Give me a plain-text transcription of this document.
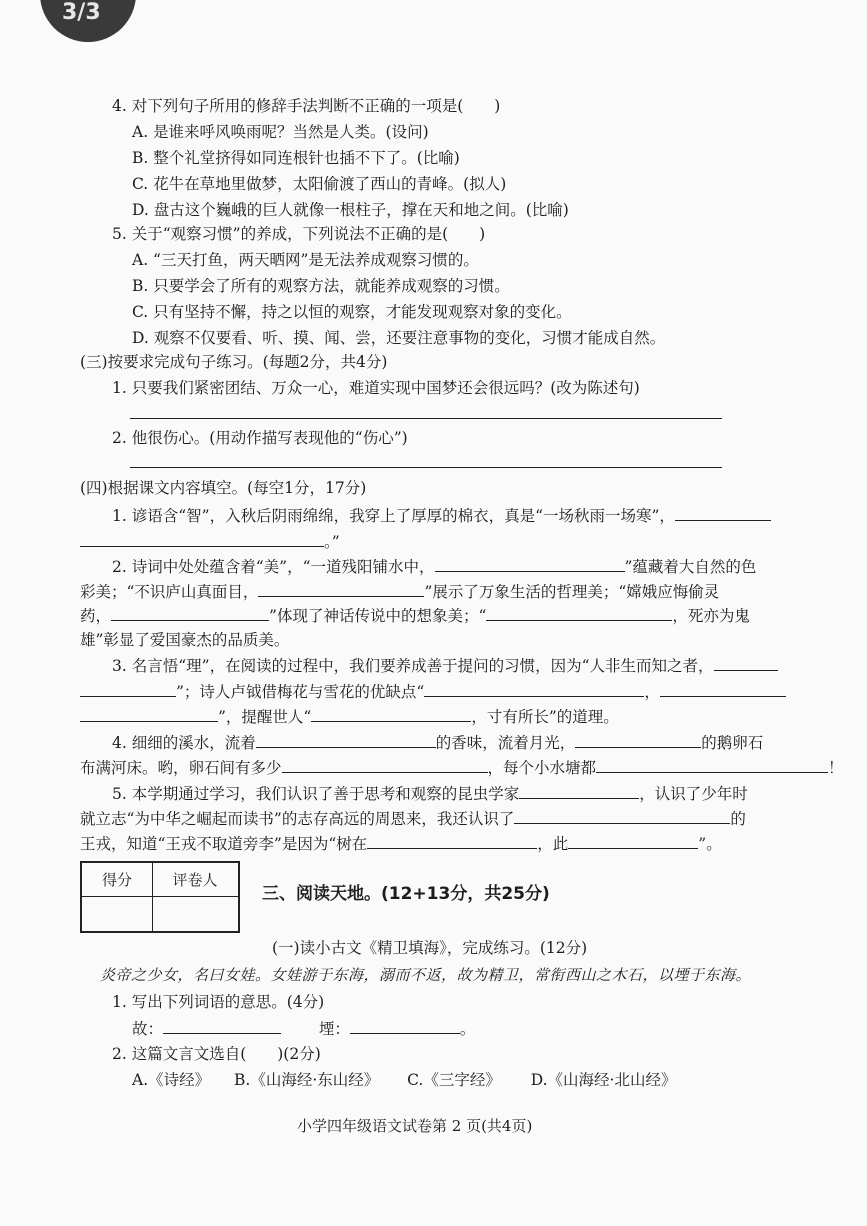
3/3
4. 对下列句子所用的修辞手法判断不正确的一项是(　　)
A. 是谁来呼风唤雨呢？当然是人类。(设问)
B. 整个礼堂挤得如同连根针也插不下了。(比喻)
C. 花牛在草地里做梦，太阳偷渡了西山的青峰。(拟人)
D. 盘古这个巍峨的巨人就像一根柱子，撑在天和地之间。(比喻)
5. 关于“观察习惯”的养成，下列说法不正确的是(　　)
A. “三天打鱼，两天晒网”是无法养成观察习惯的。
B. 只要学会了所有的观察方法，就能养成观察的习惯。
C. 只有坚持不懈，持之以恒的观察，才能发现观察对象的变化。
D. 观察不仅要看、听、摸、闻、尝，还要注意事物的变化，习惯才能成自然。
(三)按要求完成句子练习。(每题2分，共4分)
1. 只要我们紧密团结、万众一心，难道实现中国梦还会很远吗？(改为陈述句)
2. 他很伤心。(用动作描写表现他的“伤心”)
(四)根据课文内容填空。(每空1分，17分)
1. 谚语含“智”，入秋后阴雨绵绵，我穿上了厚厚的棉衣，真是“一场秋雨一场寒”，
。”
2. 诗词中处处蕴含着“美”，“一道残阳铺水中，	”蕴藏着大自然的色
彩美；“不识庐山真面目，	”展示了万象生活的哲理美；“嫦娥应悔偷灵
药，	”体现了神话传说中的想象美；“	，死亦为鬼
雄”彰显了爱国豪杰的品质美。
3. 名言悟“理”，在阅读的过程中，我们要养成善于提问的习惯，因为“人非生而知之者，
”；诗人卢钺借梅花与雪花的优缺点“	，
”，提醒世人“	，寸有所长”的道理。
4. 细细的溪水，流着	的香味，流着月光，	的鹅卵石
布满河床。哟，卵石间有多少	，每个小水塘都	！
5. 本学期通过学习，我们认识了善于思考和观察的昆虫学家	，认识了少年时
就立志“为中华之崛起而读书”的志存高远的周恩来，我还认识了	的
王戎，知道“王戎不取道旁李”是因为“树在	，此	”。
得分	评卷人
三、阅读天地。(12+13分，共25分)
(一)读小古文《精卫填海》，完成练习。(12分)
炎帝之少女，名曰女娃。女娃游于东海，溺而不返，故为精卫，常衔西山之木石，以堙于东海。
1. 写出下列词语的意思。(4分)
故：	堙：	。
2. 这篇文言文选自(　　)(2分)
A.《诗经》 B.《山海经·东山经》 C.《三字经》 D.《山海经·北山经》
小学四年级语文试卷第 2 页(共4页)
